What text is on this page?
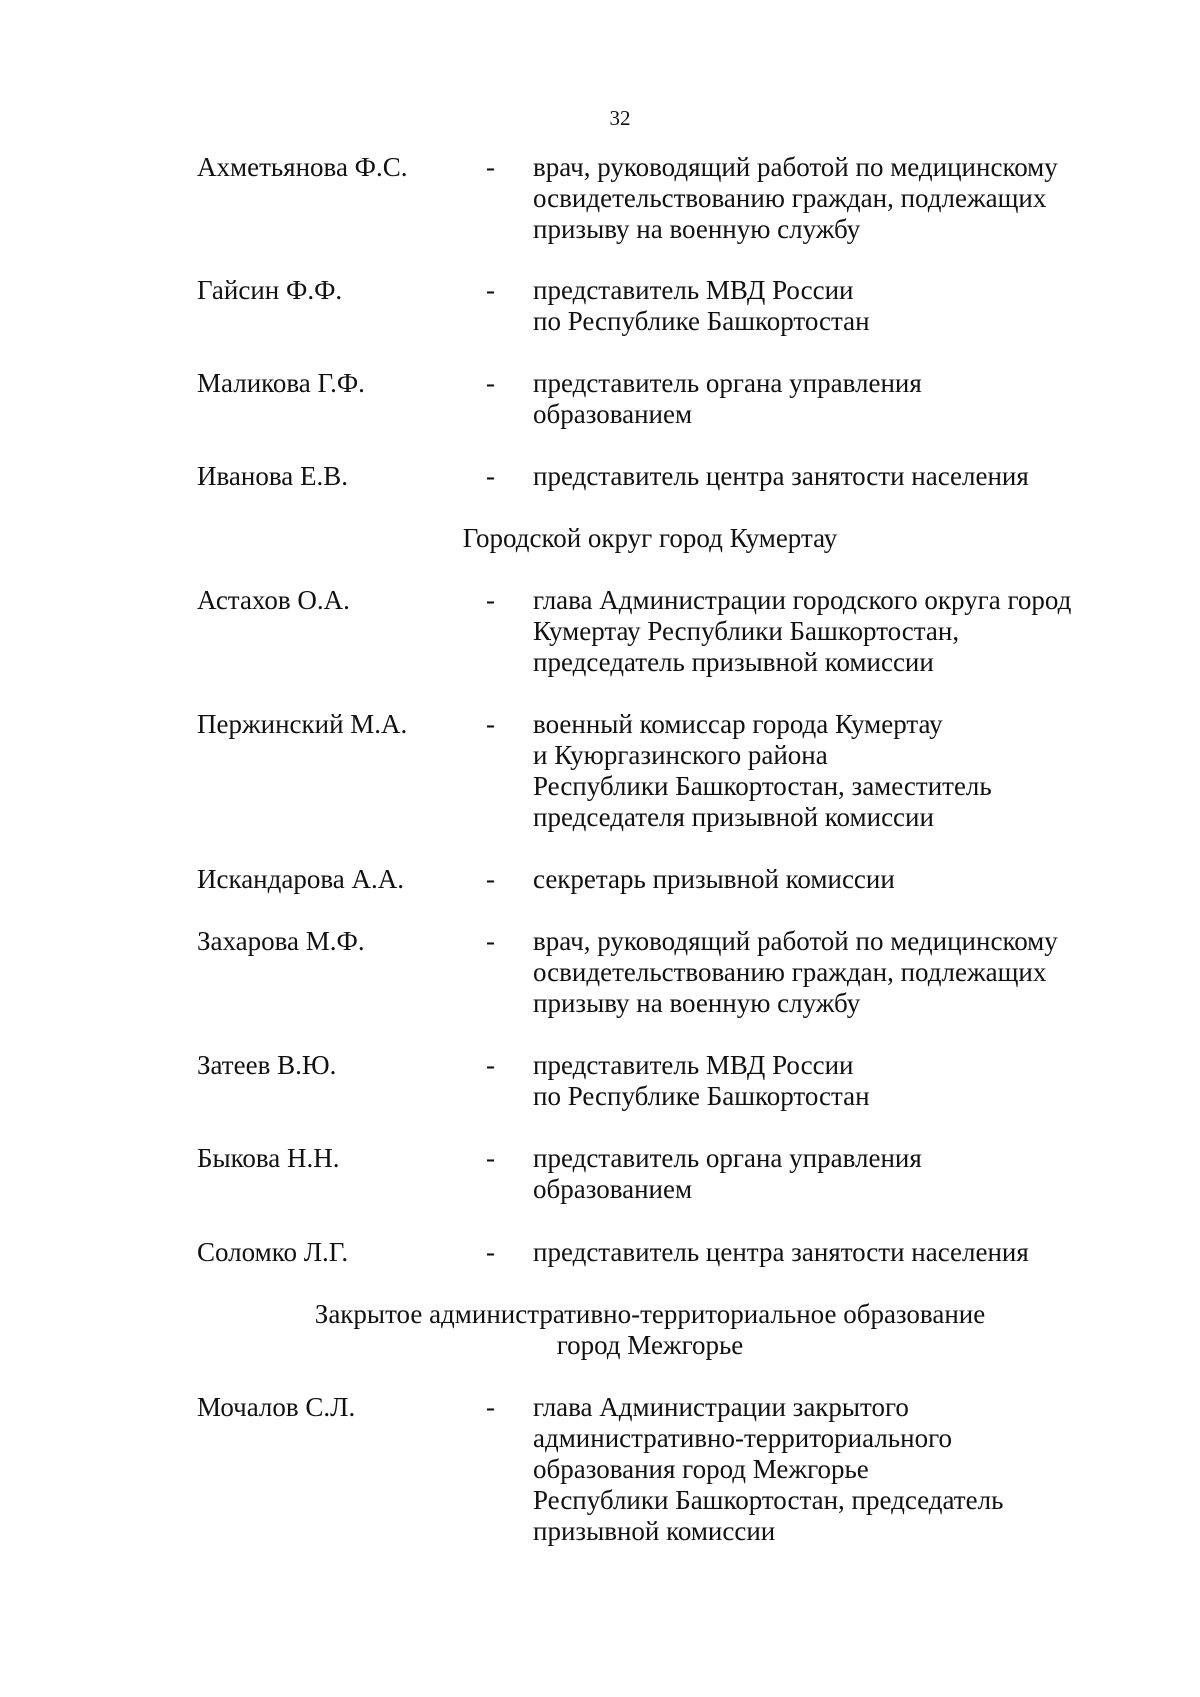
32
Ахметьянова Ф.С.	- врач, руководящий работой по медицинскому
освидетельствованию граждан, подлежащих
призыву на военную службу
Гайсин Ф.Ф.	- представитель МВД России
по Республике Башкортостан
Маликова Г.Ф.	- представитель органа управления
образованием
Иванова Е.В.	- представитель центра занятости населения
Городской округ город Кумертау
Астахов О.А.	- глава Администрации городского округа город
Кумертау Республики Башкортостан,
председатель призывной комиссии
Пержинский М.А.	- военный комиссар города Кумертау
и Куюргазинского района
Республики Башкортостан, заместитель
председателя призывной комиссии
Искандарова А.А.	- секретарь призывной комиссии
Захарова М.Ф.	- врач, руководящий работой по медицинскому
освидетельствованию граждан, подлежащих
призыву на военную службу
Затеев В.Ю.	- представитель МВД России
по Республике Башкортостан
Быкова Н.Н.	- представитель органа управления
образованием
Соломко Л.Г.	- представитель центра занятости населения
Закрытое административно-территориальное образование
город Межгорье
Мочалов С.Л.	- глава Администрации закрытого
административно-территориального
образования город Межгорье
Республики Башкортостан, председатель
призывной комиссии
